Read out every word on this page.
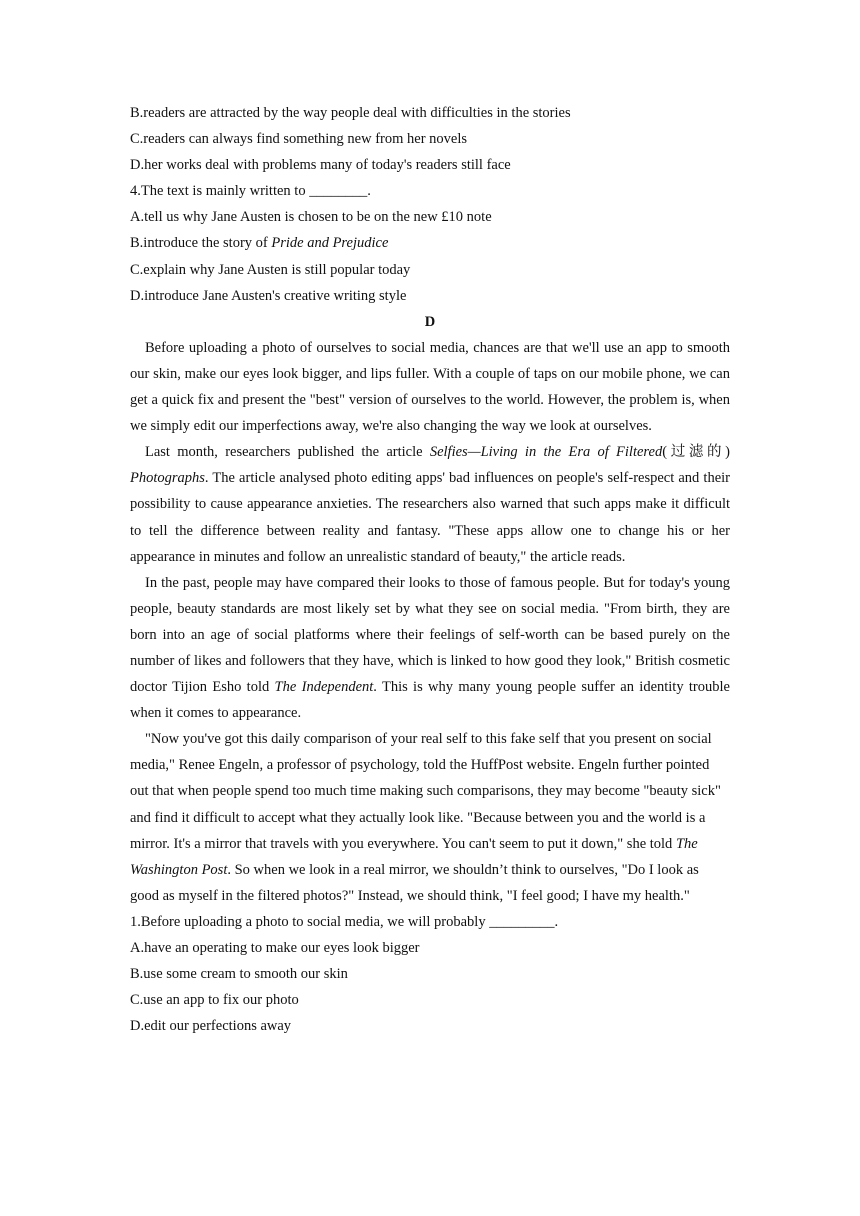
B.readers are attracted by the way people deal with difficulties in the stories
C.readers can always find something new from her novels
D.her works deal with problems many of today's readers still face
4.The text is mainly written to ________.
A.tell us why Jane Austen is chosen to be on the new £10 note
B.introduce the story of Pride and Prejudice
C.explain why Jane Austen is still popular today
D.introduce Jane Austen's creative writing style
D
Before uploading a photo of ourselves to social media, chances are that we'll use an app to smooth our skin, make our eyes look bigger, and lips fuller. With a couple of taps on our mobile phone, we can get a quick fix and present the "best" version of ourselves to the world. However, the problem is, when we simply edit our imperfections away, we're also changing the way we look at ourselves.
Last month, researchers published the article Selfies—Living in the Era of Filtered(过滤的) Photographs. The article analysed photo editing apps' bad influences on people's self-respect and their possibility to cause appearance anxieties. The researchers also warned that such apps make it difficult to tell the difference between reality and fantasy. "These apps allow one to change his or her appearance in minutes and follow an unrealistic standard of beauty," the article reads.
In the past, people may have compared their looks to those of famous people. But for today's young people, beauty standards are most likely set by what they see on social media. "From birth, they are born into an age of social platforms where their feelings of self-worth can be based purely on the number of likes and followers that they have, which is linked to how good they look," British cosmetic doctor Tijion Esho told The Independent. This is why many young people suffer an identity trouble when it comes to appearance.
"Now you've got this daily comparison of your real self to this fake self that you present on social media," Renee Engeln, a professor of psychology, told the HuffPost website. Engeln further pointed out that when people spend too much time making such comparisons, they may become "beauty sick" and find it difficult to accept what they actually look like. "Because between you and the world is a mirror. It's a mirror that travels with you everywhere. You can't seem to put it down," she told The Washington Post. So when we look in a real mirror, we shouldn’t think to ourselves, "Do I look as good as myself in the filtered photos?" Instead, we should think, "I feel good; I have my health."
1.Before uploading a photo to social media, we will probably _________.
A.have an operating to make our eyes look bigger
B.use some cream to smooth our skin
C.use an app to fix our photo
D.edit our perfections away
